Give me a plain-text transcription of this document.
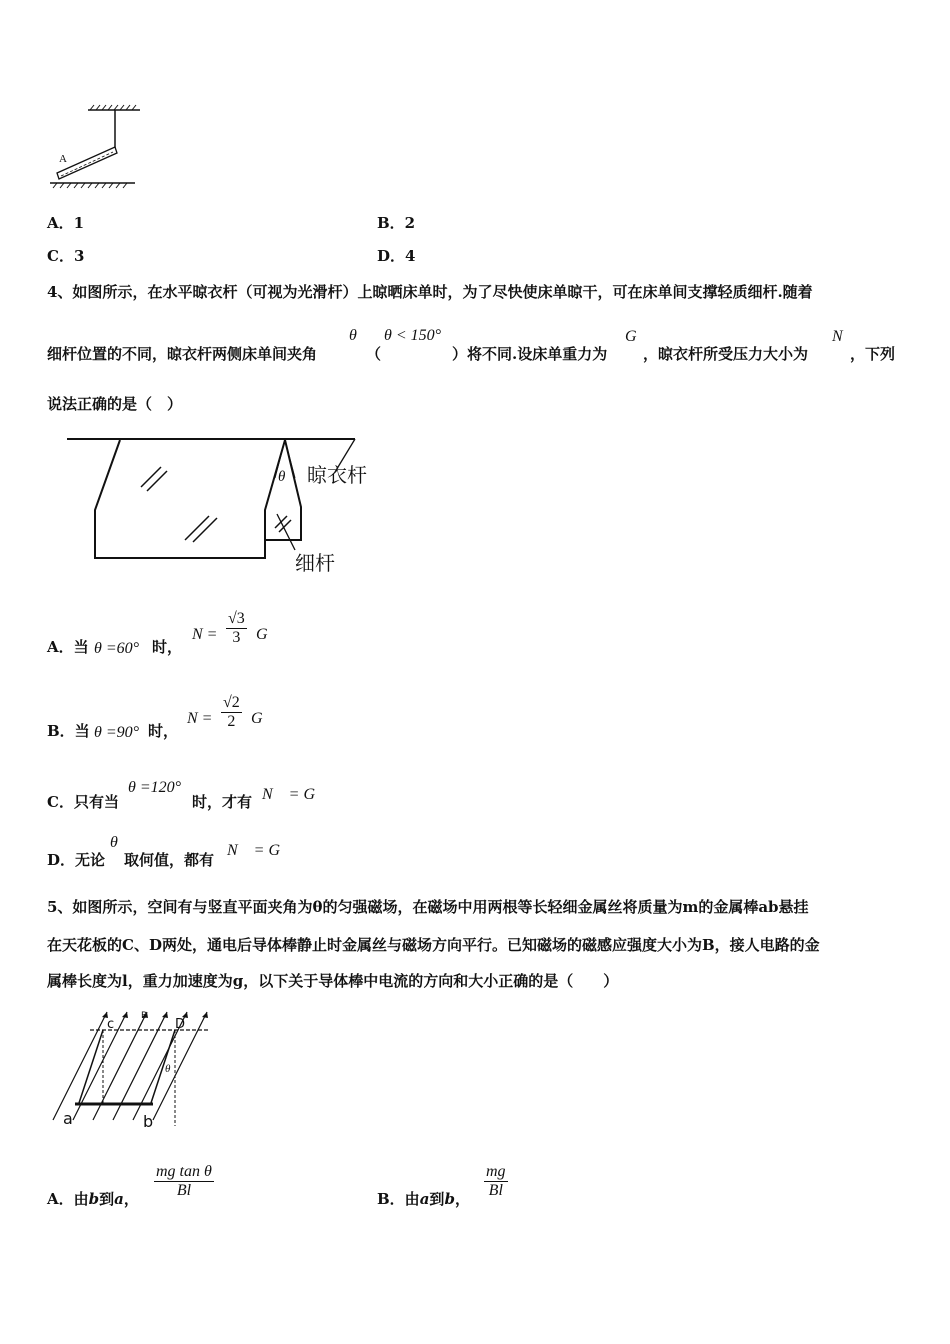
A
A．1	B．2
C．3	D．4
4、如图所示，在水平晾衣杆（可视为光滑杆）上晾晒床单时，为了尽快使床单晾干，可在床单间支撑轻质细杆.随着
细杆位置的不同，晾衣杆两侧床单间夹角
θ
（
θ < 150°
）将不同.设床单重力为
G
，晾衣杆所受压力大小为
N
，下列
说法正确的是（　）
θ 晾衣杆
细杆
A．当 θ =60° 时，
$N = \frac{√3}{3}$ G
B．当 θ =90° 时，
$N = \frac{√2}{2}$ G
C．只有当
θ =120°
时，才有 N　= G
D．无论
θ
取何值，都有
N　= G
5、如图所示，空间有与竖直平面夹角为θ的匀强磁场，在磁场中用两根等长轻细金属丝将质量为m的金属棒ab悬挂
在天花板的C、D两处，通电后导体棒静止时金属丝与磁场方向平行。已知磁场的磁感应强度大小为B，接人电路的金
属棒长度为l，重力加速度为g，以下关于导体棒中电流的方向和大小正确的是（　　）
c
B
D
θ
a	b
A．由b到a， $\frac{\text{mg tan θ}}{Bl}$	B．由a到b， $\frac{mg}{Bl}$
